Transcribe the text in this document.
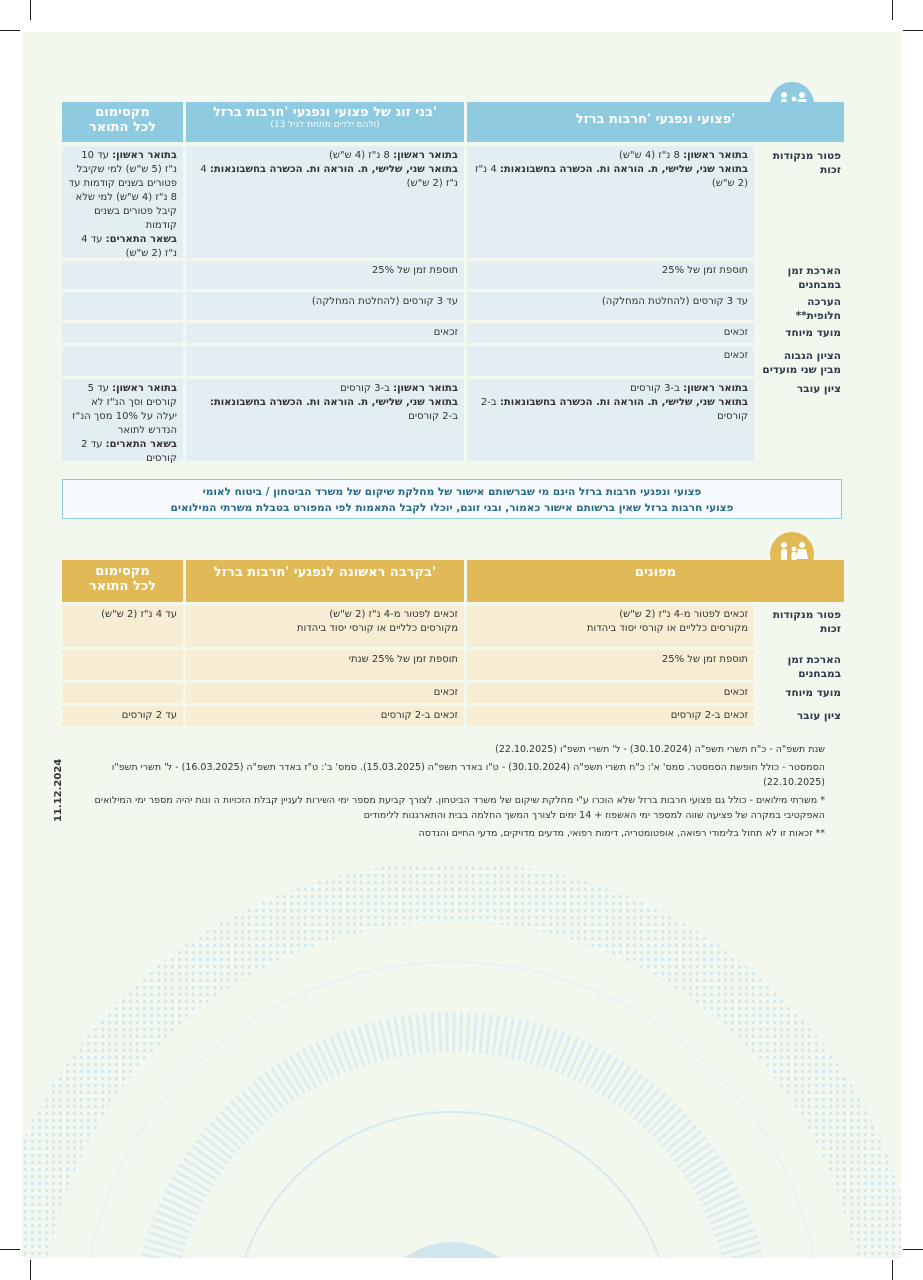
פצועי ונפגעי 'חרבות ברזל'
בני זוג של פצועי ונפגעי 'חרבות ברזל'
(ולהם ילדים מתחת לגיל 13)
מקסימום
לכל התואר
פטור מנקודות זכות
בתואר ראשון: 8 נ"ז (4 ש"ש)
בתואר שני, שלישי, ת. הוראה ות. הכשרה בחשבונאות: 4 נ"ז (2 ש"ש)
בתואר ראשון: 8 נ"ז (4 ש"ש)
בתואר שני, שלישי, ת. הוראה ות. הכשרה בחשבונאות: 4 נ"ז (2 ש"ש)
בתואר ראשון: עד 10 נ"ז (5 ש"ש) למי שקיבל פטורים בשנים קודמות עד 8 נ"ז (4 ש"ש) למי שלא קיבל פטורים בשנים קודמות
בשאר התארים: עד 4 נ"ז (2 ש"ש)
הארכת זמן במבחנים
תוספת זמן של 25%
תוספת זמן של 25%
הערכה חלופית**
עד 3 קורסים (להחלטת המחלקה)
עד 3 קורסים (להחלטת המחלקה)
מועד מיוחד
זכאים
זכאים
הציון הגבוה מבין שני מועדים
זכאים
ציון עובר
בתואר ראשון: ב-3 קורסים
בתואר שני, שלישי, ת. הוראה ות. הכשרה בחשבונאות: ב-2 קורסים
בתואר ראשון: ב-3 קורסים
בתואר שני, שלישי, ת. הוראה ות. הכשרה בחשבונאות: ב-2 קורסים
בתואר ראשון: עד 5 קורסים וסך הנ"ז לא יעלה על 10% מסך הנ"ז הנדרש לתואר
בשאר התארים: עד 2 קורסים
פצועי ונפגעי חרבות ברזל הינם מי שברשותם אישור של מחלקת שיקום של משרד הביטחון / ביטוח לאומי
פצועי חרבות ברזל שאין ברשותם אישור כאמור, ובני זוגם, יוכלו לקבל התאמות לפי המפורט בטבלת משרתי המילואים
מפונים
בקרבה ראשונה לנפגעי 'חרבות ברזל'
מקסימום
לכל התואר
פטור מנקודות זכות
זכאים לפטור מ-4 נ"ז (2 ש"ש)
מקורסים כלליים או קורסי יסוד ביהדות
זכאים לפטור מ-4 נ"ז (2 ש"ש)
מקורסים כלליים או קורסי יסוד ביהדות
עד 4 נ"ז (2 ש"ש)
הארכת זמן במבחנים
תוספת זמן של 25%
תוספת זמן של 25% שנתי
מועד מיוחד
זכאים
זכאים
ציון עובר
זכאים ב-2 קורסים
זכאים ב-2 קורסים
עד 2 קורסים

שנת תשפ"ה - כ"ח תשרי תשפ"ה (30.10.2024) - ל' תשרי תשפ"ו (22.10.2025)

הסמסטר - כולל חופשת הסמסטר. סמס' א': כ"ח תשרי תשפ"ה (30.10.2024) - ט"ו באדר תשפ"ה (15.03.2025). סמס' ב': ט"ז באדר תשפ"ה (16.03.2025) - ל' תשרי תשפ"ו (22.10.2025)

* משרתי מילואים - כולל גם פצועי חרבות ברזל שלא הוכרו ע"י מחלקת שיקום של משרד הביטחון. לצורך קביעת מספר ימי השירות לעניין קבלת הזכויות ה ונות יהיה מספר ימי המילואים האפקטיבי במקרה של פציעה שווה למספר ימי האשפוז + 14 ימים לצורך המשך החלמה בבית והתארגנות ללימודים

** זכאות זו לא תחול בלימודי רפואה, אופטומטריה, דימות רפואי, מדעים מדויקים, מדעי החיים והנדסה

11.12.2024
